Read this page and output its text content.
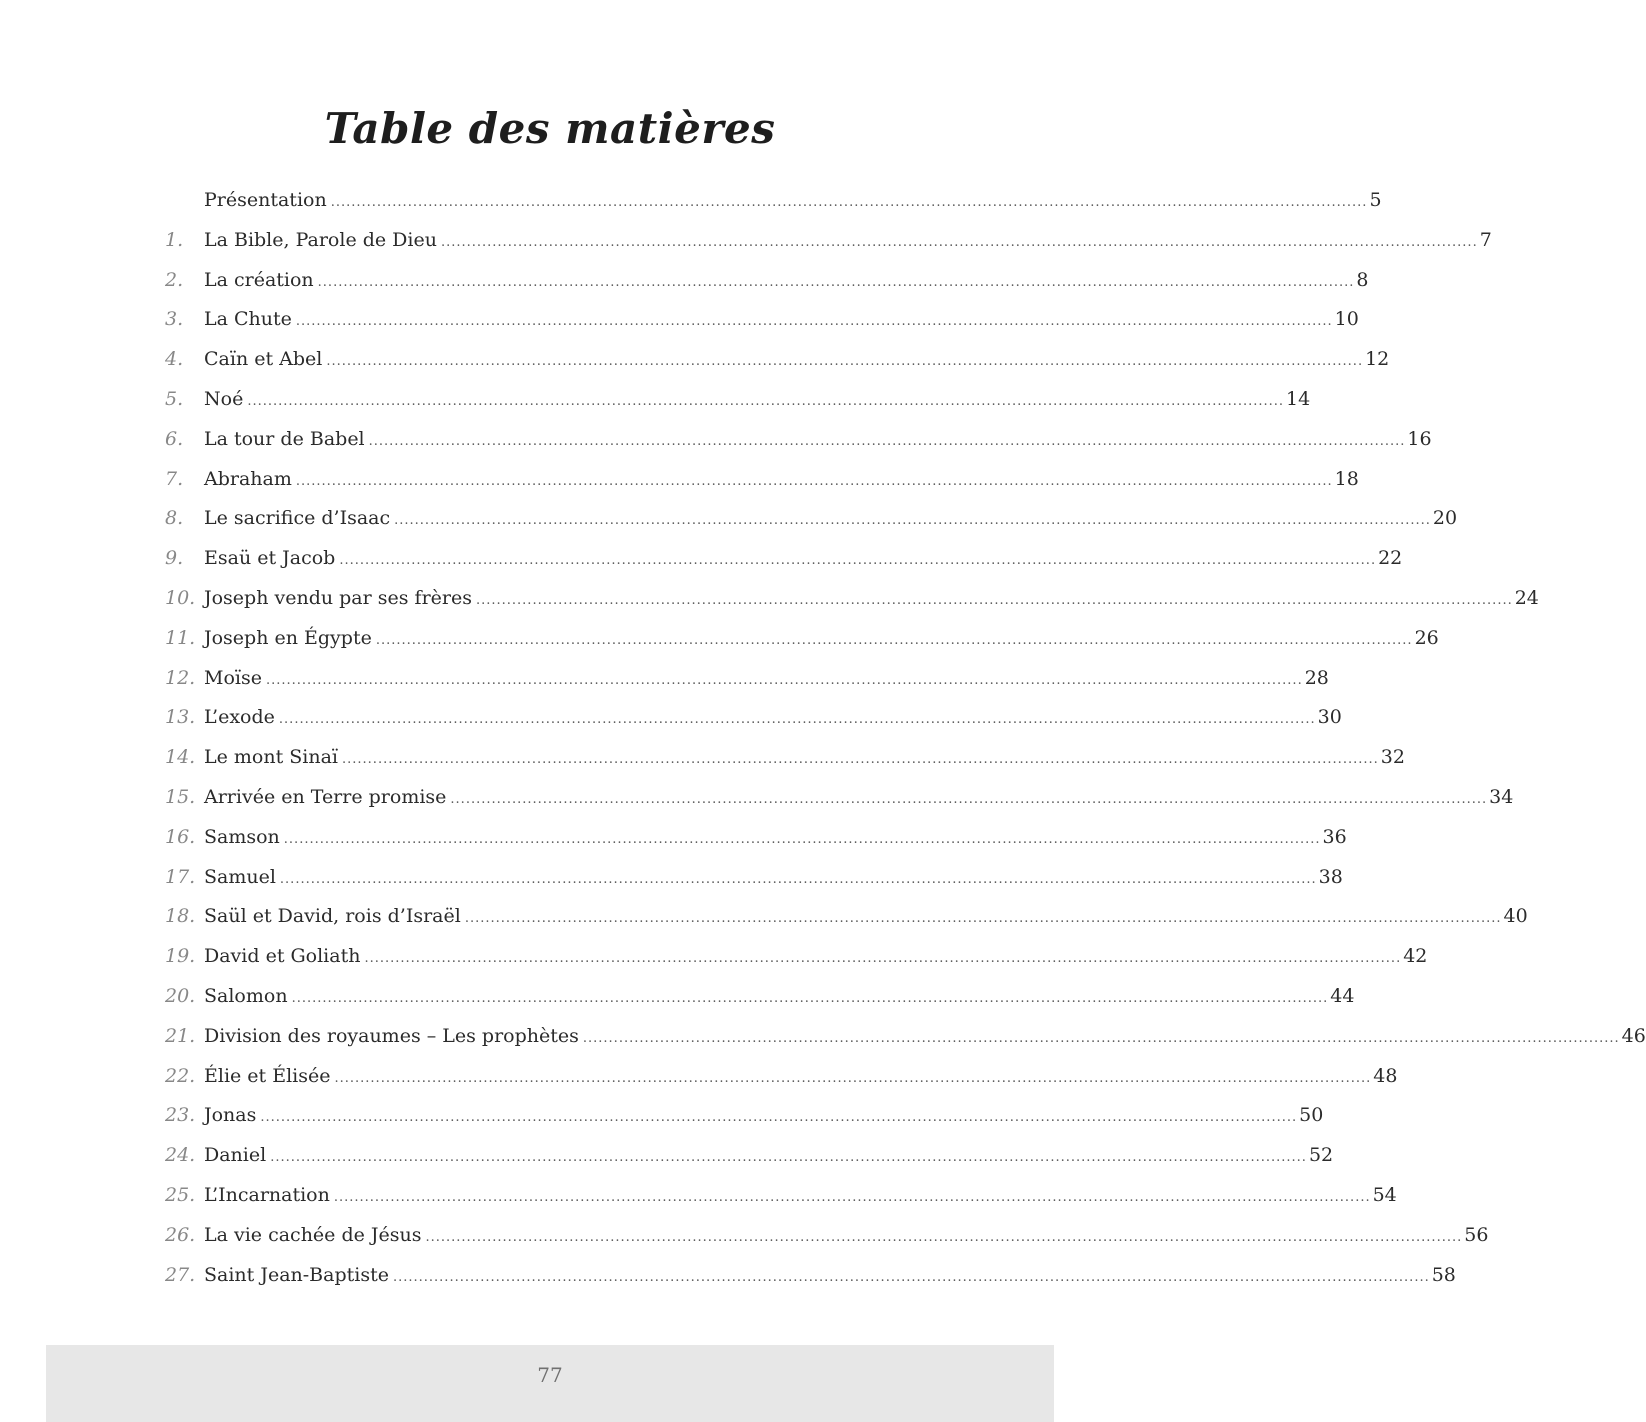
Table des matières
Présentation .......................................................................................................................................................................................................... 5
1.	La Bible, Parole de Dieu .......................................................................................................................................................................................................... 7
2.	La création .......................................................................................................................................................................................................... 8
3.	La Chute .......................................................................................................................................................................................................... 10
4.	Caïn et Abel .......................................................................................................................................................................................................... 12
5.	Noé .......................................................................................................................................................................................................... 14
6.	La tour de Babel .......................................................................................................................................................................................................... 16
7.	Abraham .......................................................................................................................................................................................................... 18
8.	Le sacrifice d’Isaac .......................................................................................................................................................................................................... 20
9.	Esaü et Jacob .......................................................................................................................................................................................................... 22
10. Joseph vendu par ses frères .......................................................................................................................................................................................................... 24
11. Joseph en Égypte .......................................................................................................................................................................................................... 26
12. Moïse .......................................................................................................................................................................................................... 28
13. L’exode .......................................................................................................................................................................................................... 30
14. Le mont Sinaï .......................................................................................................................................................................................................... 32
15. Arrivée en Terre promise .......................................................................................................................................................................................................... 34
16. Samson .......................................................................................................................................................................................................... 36
17. Samuel .......................................................................................................................................................................................................... 38
18. Saül et David, rois d’Israël .......................................................................................................................................................................................................... 40
19. David et Goliath .......................................................................................................................................................................................................... 42
20. Salomon .......................................................................................................................................................................................................... 44
21. Division des royaumes – Les prophètes .......................................................................................................................................................................................................... 46
22. Élie et Élisée .......................................................................................................................................................................................................... 48
23. Jonas .......................................................................................................................................................................................................... 50
24. Daniel .......................................................................................................................................................................................................... 52
25. L’Incarnation .......................................................................................................................................................................................................... 54
26. La vie cachée de Jésus .......................................................................................................................................................................................................... 56
27. Saint Jean-Baptiste .......................................................................................................................................................................................................... 58
77
